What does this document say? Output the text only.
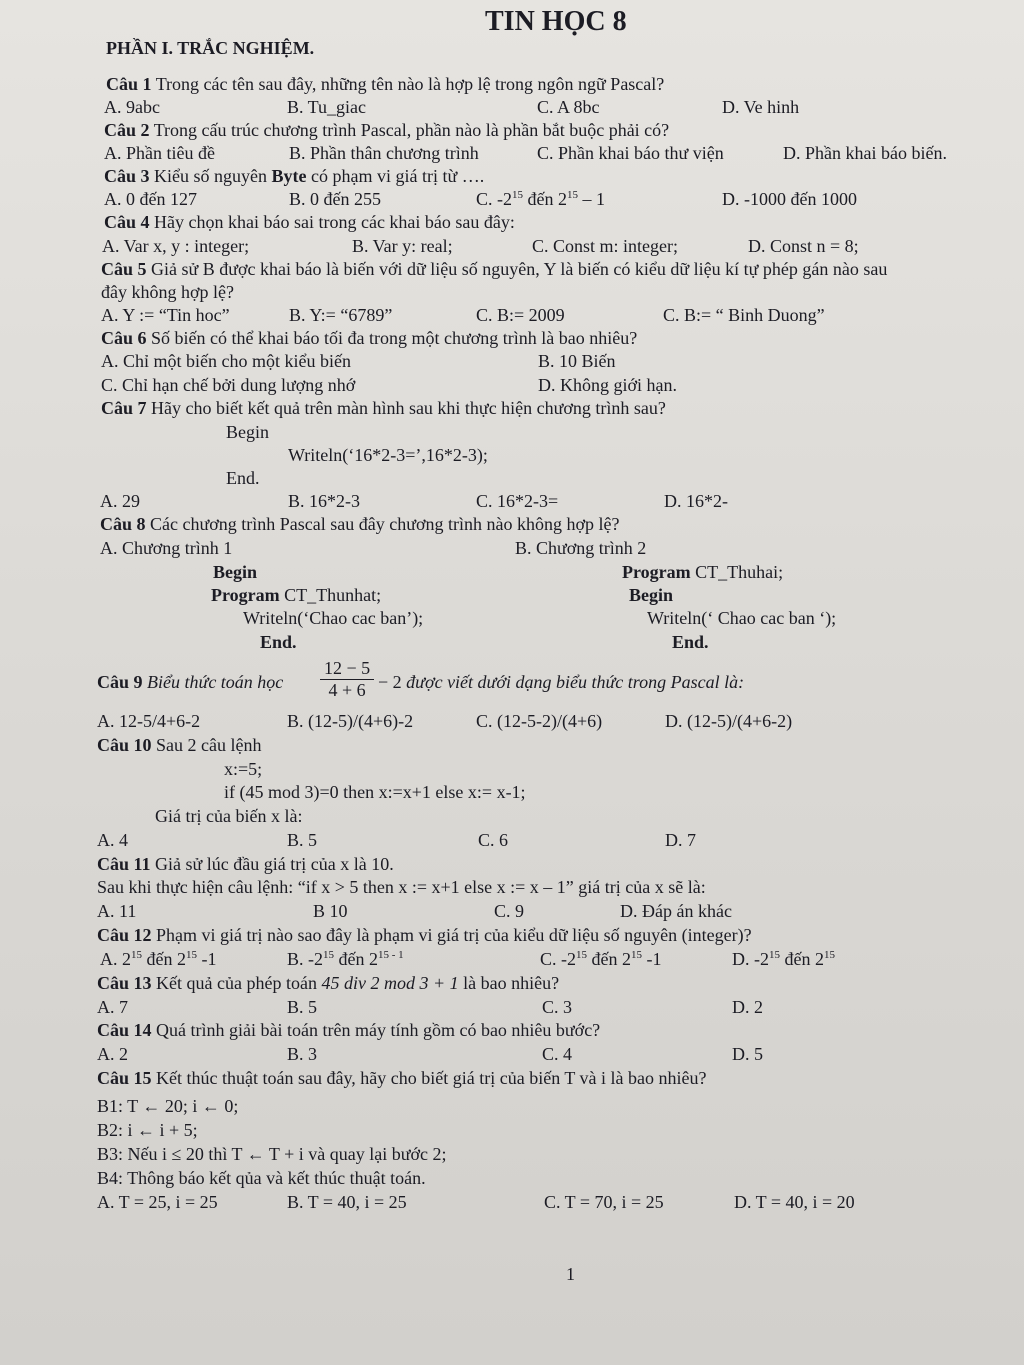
TIN HỌC 8
PHẦN I. TRẮC NGHIỆM.
Câu 1 Trong các tên sau đây, những tên nào là hợp lệ trong ngôn ngữ Pascal?
A. 9abc	B. Tu_giac	C. A 8bc	D. Ve hinh
Câu 2 Trong cấu trúc chương trình Pascal, phần nào là phần bắt buộc phải có?
A. Phần tiêu đề	B. Phần thân chương trình	C. Phần khai báo thư viện	D. Phần khai báo biến.
Câu 3 Kiểu số nguyên Byte có phạm vi giá trị từ ….
A. 0 đến 127	B. 0 đến 255	C. $-2^{15}$ đến $2^{15} - 1$	D. -1000 đến 1000
Câu 4 Hãy chọn khai báo sai trong các khai báo sau đây:
A. Var x, y : integer;	B. Var y: real;	C. Const m: integer;	D. Const n = 8;
Câu 5 Giả sử B được khai báo là biến với dữ liệu số nguyên, Y là biến có kiểu dữ liệu kí tự phép gán nào sau
đây không hợp lệ?
A. Y := “Tin hoc”	B. Y:= “6789”	C. B:= 2009	C. B:= “ Binh Duong”
Câu 6 Số biến có thể khai báo tối đa trong một chương trình là bao nhiêu?
A. Chỉ một biến cho một kiểu biến	B. 10 Biến
C. Chỉ hạn chế bởi dung lượng nhớ	D. Không giới hạn.
Câu 7 Hãy cho biết kết quả trên màn hình sau khi thực hiện chương trình sau?
Begin
Writeln(‘16*2-3=’,16*2-3);
End.
A. 29	B. 16*2-3	C. 16*2-3=	D. 16*2-
Câu 8 Các chương trình Pascal sau đây chương trình nào không hợp lệ?
A. Chương trình 1	B. Chương trình 2
Begin
Program CT_Thunhat;
Writeln(‘Chao cac ban’);
End.
Program CT_Thuhai;
Begin
Writeln(‘ Chao cac ban ‘);
End.
Câu 9 Biểu thức toán học $\frac{12 - 5}{4 + 6} - 2$ được viết dưới dạng biểu thức trong Pascal là:
A. 12-5/4+6-2	B. (12-5)/(4+6)-2	C. (12-5-2)/(4+6)	D. (12-5)/(4+6-2)
Câu 10 Sau 2 câu lệnh
x:=5;
if (45 mod 3)=0 then x:=x+1 else x:= x-1;
Giá trị của biến x là:
A. 4	B. 5	C. 6	D. 7
Câu 11 Giả sử lúc đầu giá trị của x là 10.
Sau khi thực hiện câu lệnh: “if x > 5 then x := x+1 else x := x – 1” giá trị của x sẽ là:
A. 11	B 10	C. 9	D. Đáp án khác
Câu 12 Phạm vi giá trị nào sao đây là phạm vi giá trị của kiểu dữ liệu số nguyên (integer)?
A. $2^{15}$ đến $2^{15}$ -1	B. $-2^{15}$ đến 2$^{15 - 1}$	C. $-2^{15}$ đến $2^{15}$ -1	D. $-2^{15}$ đến $2^{15}$
Câu 13 Kết quả của phép toán 45 div 2 mod 3 + 1 là bao nhiêu?
A. 7	B. 5	C. 3	D. 2
Câu 14 Quá trình giải bài toán trên máy tính gồm có bao nhiêu bước?
A. 2	B. 3	C. 4	D. 5
Câu 15 Kết thúc thuật toán sau đây, hãy cho biết giá trị của biến T và i là bao nhiêu?
B1: T ← 20; i ← 0;
B2: i ← i + 5;
B3: Nếu i ≤ 20 thì T ← T + i và quay lại bước 2;
B4: Thông báo kết qủa và kết thúc thuật toán.
A. T = 25, i = 25	B. T = 40, i = 25	C. T = 70, i = 25	D. T = 40, i = 20
1
